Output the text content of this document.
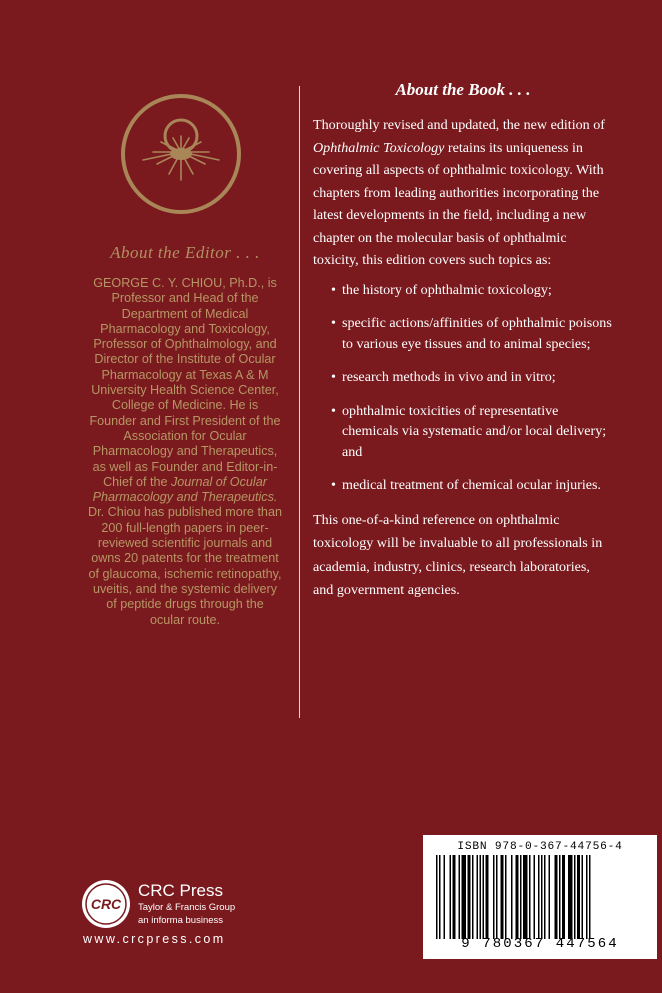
About the Editor . . .

GEORGE C. Y. CHIOU, Ph.D., is Professor and Head of the Department of Medical Pharmacology and Toxicology, Professor of Ophthalmology, and Director of the Institute of Ocular Pharmacology at Texas A & M University Health Science Center, College of Medicine. He is Founder and First President of the Association for Ocular Pharmacology and Therapeutics, as well as Founder and Editor-in-Chief of the Journal of Ocular Pharmacology and Therapeutics. Dr. Chiou has published more than 200 full-length papers in peer-reviewed scientific journals and owns 20 patents for the treatment of glaucoma, ischemic retinopathy, uveitis, and the systemic delivery of peptide drugs through the ocular route.

About the Book . . .

Thoroughly revised and updated, the new edition of Ophthalmic Toxicology retains its uniqueness in covering all aspects of ophthalmic toxicology. With chapters from leading authorities incorporating the latest developments in the field, including a new chapter on the molecular basis of ophthalmic toxicity, this edition covers such topics as:

• the history of ophthalmic toxicology;
• specific actions/affinities of ophthalmic poisons to various eye tissues and to animal species;
• research methods in vivo and in vitro;
• ophthalmic toxicities of representative chemicals via systematic and/or local delivery; and
• medical treatment of chemical ocular injuries.

This one-of-a-kind reference on ophthalmic toxicology will be invaluable to all professionals in academia, industry, clinics, research laboratories, and government agencies.

ISBN 978-0-367-44756-4
9 780367 447564
CRC
CRC Press
Taylor & Francis Group
an informa business
www.crcpress.com
